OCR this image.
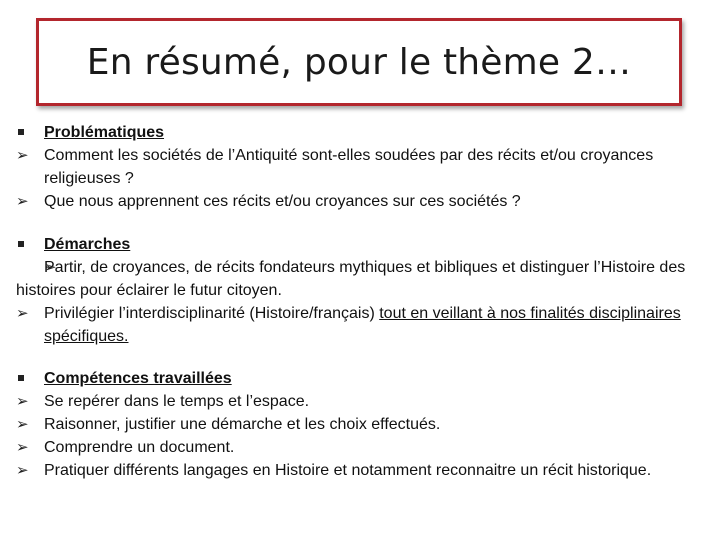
En résumé, pour le thème 2…
Problématiques
➢
Comment les sociétés de l’Antiquité sont-elles soudées par des récits et/ou croyances religieuses ?
➢
Que nous apprennent ces récits et/ou croyances sur ces sociétés ?
Démarches
➢
Partir, de croyances, de récits fondateurs mythiques et bibliques et distinguer l’Histoire des histoires pour éclairer le futur citoyen.
➢
Privilégier l’interdisciplinarité (Histoire/français) tout en veillant à nos finalités disciplinaires spécifiques.
Compétences travaillées
➢
Se repérer dans le temps et l’espace.
➢
Raisonner, justifier une démarche et les choix effectués.
➢
Comprendre un document.
➢
Pratiquer différents langages en Histoire et notamment reconnaitre un récit historique.
